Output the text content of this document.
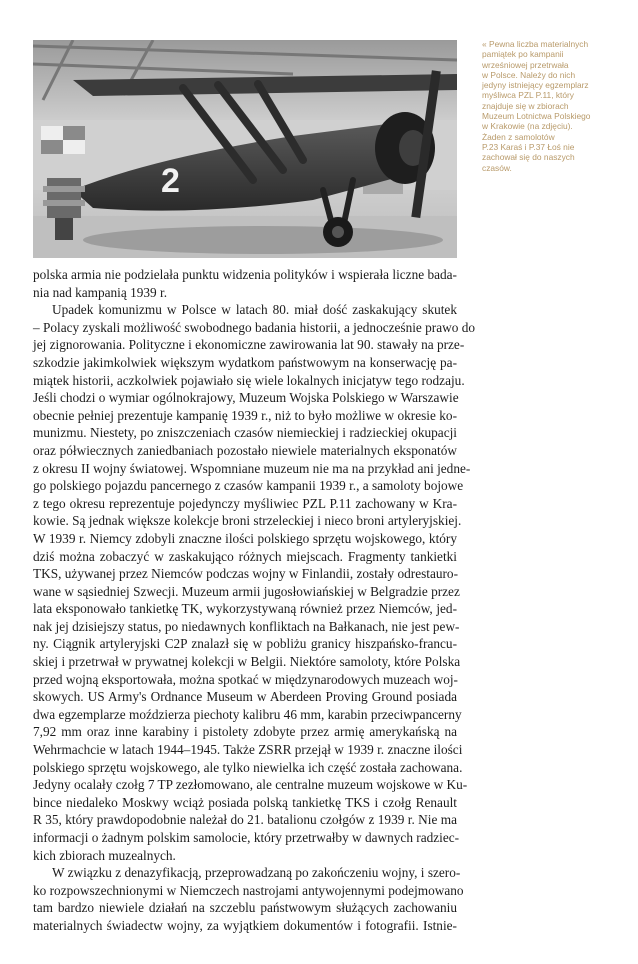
2
« Pewna liczba materialnych
pamiątek po kampanii
wrześniowej przetrwała
w Polsce. Należy do nich
jedyny istniejący egzemplarz
myśliwca PZL P.11, który
znajduje się w zbiorach
Muzeum Lotnictwa Polskiego
w Krakowie (na zdjęciu).
Żaden z samolotów
P.23 Karaś i P.37 Łoś nie
zachował się do naszych
czasów.
polska armia nie podzielała punktu widzenia polityków i wspierała liczne bada-
nia nad kampanią 1939 r.
Upadek komunizmu w Polsce w latach 80. miał dość zaskakujący skutek
– Polacy zyskali możliwość swobodnego badania historii, a jednocześnie prawo do
jej zignorowania. Polityczne i ekonomiczne zawirowania lat 90. stawały na prze-
szkodzie jakimkolwiek większym wydatkom państwowym na konserwację pa-
miątek historii, aczkolwiek pojawiało się wiele lokalnych inicjatyw tego rodzaju.
Jeśli chodzi o wymiar ogólnokrajowy, Muzeum Wojska Polskiego w Warszawie
obecnie pełniej prezentuje kampanię 1939 r., niż to było możliwe w okresie ko-
munizmu. Niestety, po zniszczeniach czasów niemieckiej i radzieckiej okupacji
oraz półwiecznych zaniedbaniach pozostało niewiele materialnych eksponatów
z okresu II wojny światowej. Wspomniane muzeum nie ma na przykład ani jedne-
go polskiego pojazdu pancernego z czasów kampanii 1939 r., a samoloty bojowe
z tego okresu reprezentuje pojedynczy myśliwiec PZL P.11 zachowany w Kra-
kowie. Są jednak większe kolekcje broni strzeleckiej i nieco broni artyleryjskiej.
W 1939 r. Niemcy zdobyli znaczne ilości polskiego sprzętu wojskowego, który
dziś można zobaczyć w zaskakująco różnych miejscach. Fragmenty tankietki
TKS, używanej przez Niemców podczas wojny w Finlandii, zostały odrestauro-
wane w sąsiedniej Szwecji. Muzeum armii jugosłowiańskiej w Belgradzie przez
lata eksponowało tankietkę TK, wykorzystywaną również przez Niemców, jed-
nak jej dzisiejszy status, po niedawnych konfliktach na Bałkanach, nie jest pew-
ny. Ciągnik artyleryjski C2P znalazł się w pobliżu granicy hiszpańsko-francu-
skiej i przetrwał w prywatnej kolekcji w Belgii. Niektóre samoloty, które Polska
przed wojną eksportowała, można spotkać w międzynarodowych muzeach woj-
skowych. US Army's Ordnance Museum w Aberdeen Proving Ground posiada
dwa egzemplarze moździerza piechoty kalibru 46 mm, karabin przeciwpancerny
7,92 mm oraz inne karabiny i pistolety zdobyte przez armię amerykańską na
Wehrmachcie w latach 1944–1945. Także ZSRR przejął w 1939 r. znaczne ilości
polskiego sprzętu wojskowego, ale tylko niewielka ich część została zachowana.
Jedyny ocalały czołg 7 TP zezłomowano, ale centralne muzeum wojskowe w Ku-
bince niedaleko Moskwy wciąż posiada polską tankietkę TKS i czołg Renault
R 35, który prawdopodobnie należał do 21. batalionu czołgów z 1939 r. Nie ma
informacji o żadnym polskim samolocie, który przetrwałby w dawnych radziec-
kich zbiorach muzealnych.
W związku z denazyfikacją, przeprowadzaną po zakończeniu wojny, i szero-
ko rozpowszechnionymi w Niemczech nastrojami antywojennymi podejmowano
tam bardzo niewiele działań na szczeblu państwowym służących zachowaniu
materialnych świadectw wojny, za wyjątkiem dokumentów i fotografii. Istnie-
